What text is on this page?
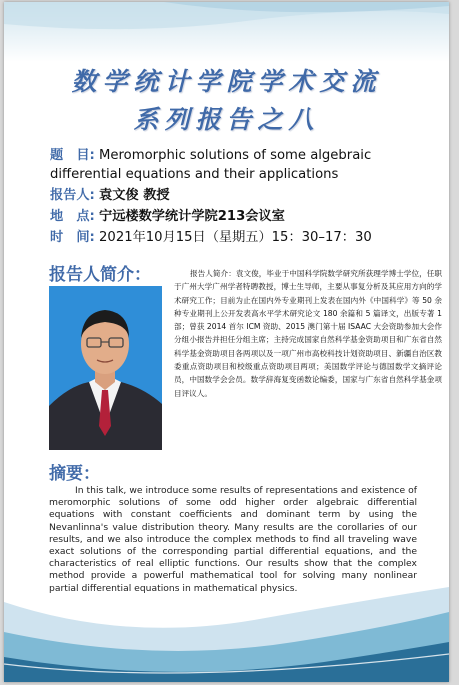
数学统计学院学术交流
系列报告之八
题　目: Meromorphic solutions of some algebraic differential equations and their applications
报告人: 袁文俊 教授
地　点: 宁远楼数学统计学院213会议室
时　间: 2021年10月15日（星期五）15：30–17：30
报告人简介：	报告人简介：袁文俊，毕业于中国科学院数学研究所获理学博士学位，任职于广州大学广州学者特聘教授，博士生导师，主要从事复分析及其应用方向的学术研究工作；目前为止在国内外专业期刊上发表在国内外《中国科学》等 50 余种专业期刊上公开发表高水平学术研究论文 180 余篇和 5 篇译文，出版专著 1 部；曾获 2014 首尔 ICM 资助、2015 澳门第十届 ISAAC 大会资助参加大会作分组小报告并担任分组主席；主持完成国家自然科学基金资助项目和广东省自然科学基金资助项目各两项以及一项广州市高校科技计划资助项目、新疆自治区教委重点资助项目和校级重点资助项目两项；美国数学评论与德国数学文摘评论员，中国数学会会员。数学辞海复变函数论编委，国家与广东省自然科学基金项目评议人。

摘要：

In this talk, we introduce some results of representations and existence of meromorphic solutions of some odd higher order algebraic differential equations with constant coefficients and dominant term by using the Nevanlinna's value distribution theory. Many results are the corollaries of our results, and we also introduce the complex methods to find all traveling wave exact solutions of the corresponding partial differential equations, and the characteristics of real elliptic functions. Our results show that the complex method provide a powerful mathematical tool for solving many nonlinear partial differential equations in mathematical physics.
